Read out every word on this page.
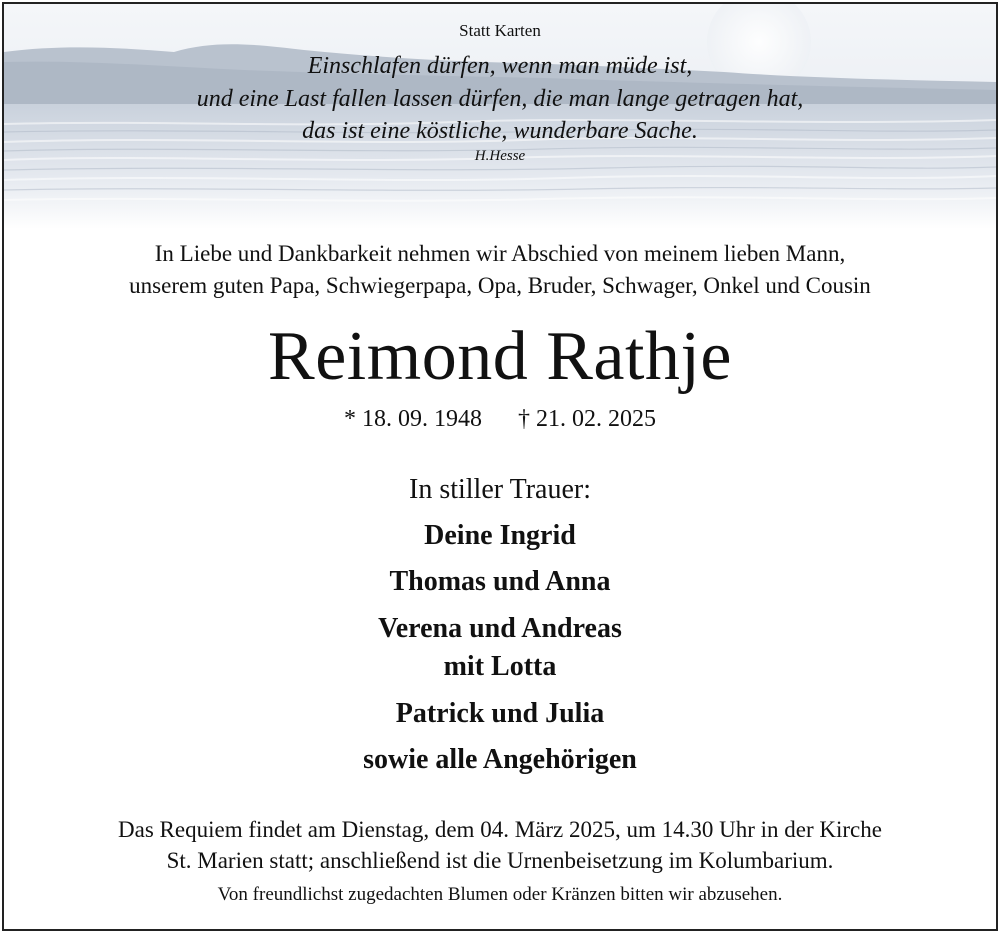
Statt Karten
Einschlafen dürfen, wenn man müde ist,
und eine Last fallen lassen dürfen, die man lange getragen hat,
das ist eine köstliche, wunderbare Sache.
H.Hesse
In Liebe und Dankbarkeit nehmen wir Abschied von meinem lieben Mann,
unserem guten Papa, Schwiegerpapa, Opa, Bruder, Schwager, Onkel und Cousin
Reimond Rathje
* 18. 09. 1948 † 21. 02. 2025
In stiller Trauer:
Deine Ingrid
Thomas und Anna
Verena und Andreas
mit Lotta
Patrick und Julia
sowie alle Angehörigen
Das Requiem findet am Dienstag, dem 04. März 2025, um 14.30 Uhr in der Kirche
St. Marien statt; anschließend ist die Urnenbeisetzung im Kolumbarium.
Von freundlichst zugedachten Blumen oder Kränzen bitten wir abzusehen.
